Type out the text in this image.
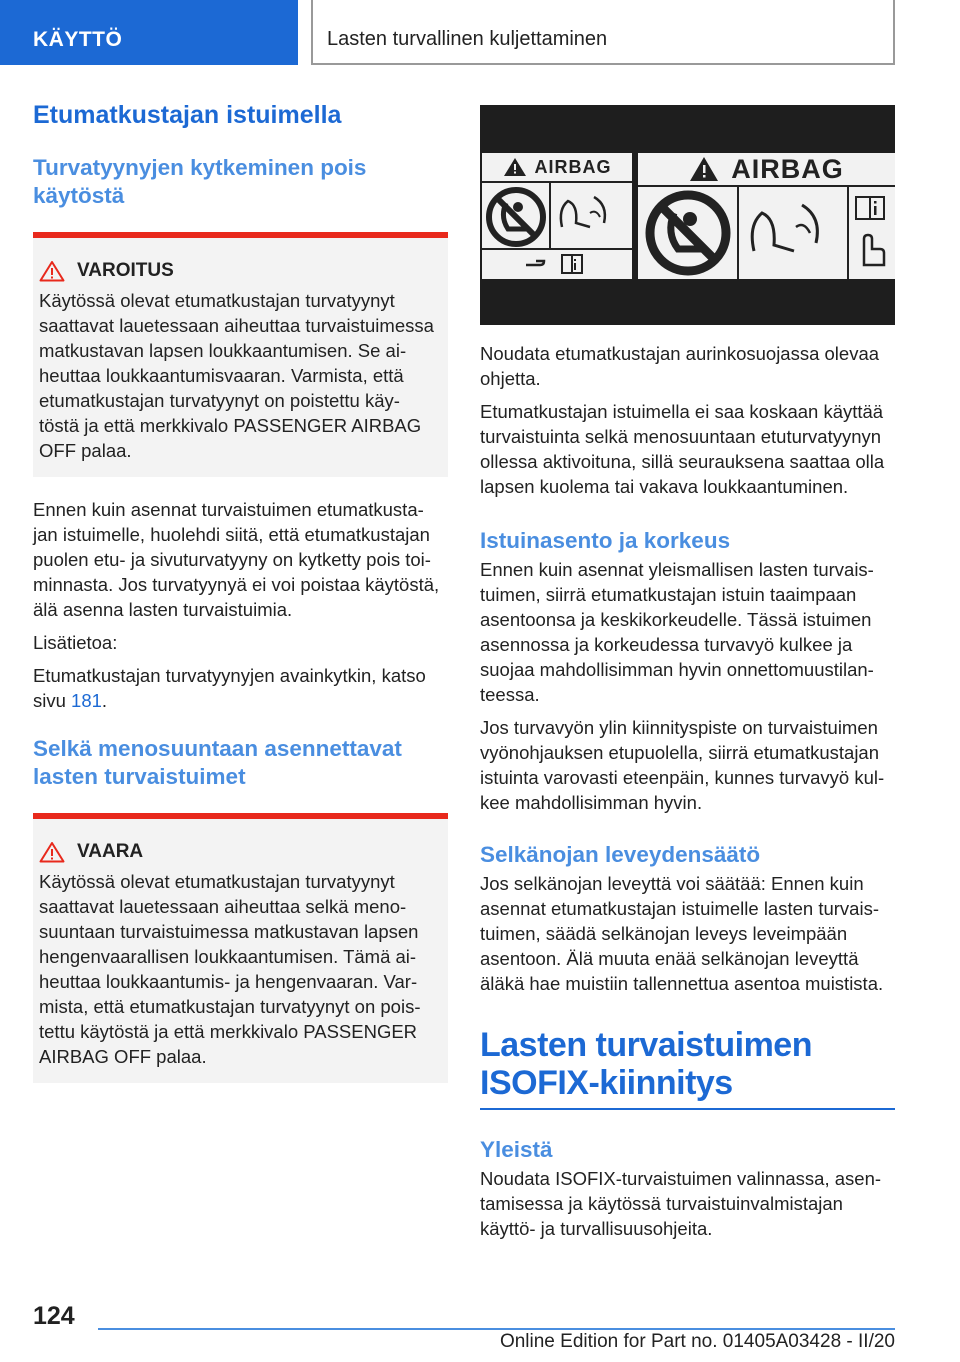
KÄYTTÖ	Lasten turvallinen kuljettaminen
Etumatkustajan istuimella
Turvatyynyjen kytkeminen pois käytöstä
VAROITUS

Käytössä olevat etumatkustajan turvatyynyt
saattavat lauetessaan aiheuttaa turvaistuimessa
matkustavan lapsen loukkaantumisen. Se ai-
heuttaa loukkaantumisvaaran. Varmista, että
etumatkustajan turvatyynyt on poistettu käy-
töstä ja että merkkivalo PASSENGER AIRBAG
OFF palaa.

Ennen kuin asennat turvaistuimen etumatkusta-
jan istuimelle, huolehdi siitä, että etumatkustajan
puolen etu- ja sivuturvatyyny on kytketty pois toi-
minnasta. Jos turvatyynyä ei voi poistaa käytöstä,
älä asenna lasten turvaistuimia.

Lisätietoa:

Etumatkustajan turvatyynyjen avainkytkin, katso
sivu 181.

Selkä menosuuntaan asennettavat lasten turvaistuimet
VAARA

Käytössä olevat etumatkustajan turvatyynyt
saattavat lauetessaan aiheuttaa selkä meno-
suuntaan turvaistuimessa matkustavan lapsen
hengenvaarallisen loukkaantumisen. Tämä ai-
heuttaa loukkaantumis- ja hengenvaaran. Var-
mista, että etumatkustajan turvatyynyt on pois-
tettu käytöstä ja että merkkivalo PASSENGER
AIRBAG OFF palaa.

AIRBAG	AIRBAG

Noudata etumatkustajan aurinkosuojassa olevaa
ohjetta.

Etumatkustajan istuimella ei saa koskaan käyttää
turvaistuinta selkä menosuuntaan etuturvatyynyn
ollessa aktivoituna, sillä seurauksena saattaa olla
lapsen kuolema tai vakava loukkaantuminen.

Istuinasento ja korkeus

Ennen kuin asennat yleismallisen lasten turvais-
tuimen, siirrä etumatkustajan istuin taaimpaan
asentoonsa ja keskikorkeudelle. Tässä istuimen
asennossa ja korkeudessa turvavyö kulkee ja
suojaa mahdollisimman hyvin onnettomuustilan-
teessa.

Jos turvavyön ylin kiinnityspiste on turvaistuimen
vyönohjauksen etupuolella, siirrä etumatkustajan
istuinta varovasti eteenpäin, kunnes turvavyö kul-
kee mahdollisimman hyvin.

Selkänojan leveydensäätö

Jos selkänojan leveyttä voi säätää: Ennen kuin
asennat etumatkustajan istuimelle lasten turvais-
tuimen, säädä selkänojan leveys leveimpään
asentoon. Älä muuta enää selkänojan leveyttä
äläkä hae muistiin tallennettua asentoa muistista.

Lasten turvaistuimen
ISOFIX-kiinnitys
Yleistä

Noudata ISOFIX-turvaistuimen valinnassa, asen-
tamisessa ja käytössä turvaistuinvalmistajan
käyttö- ja turvallisuusohjeita.

124
Online Edition for Part no. 01405A03428 - II/20
